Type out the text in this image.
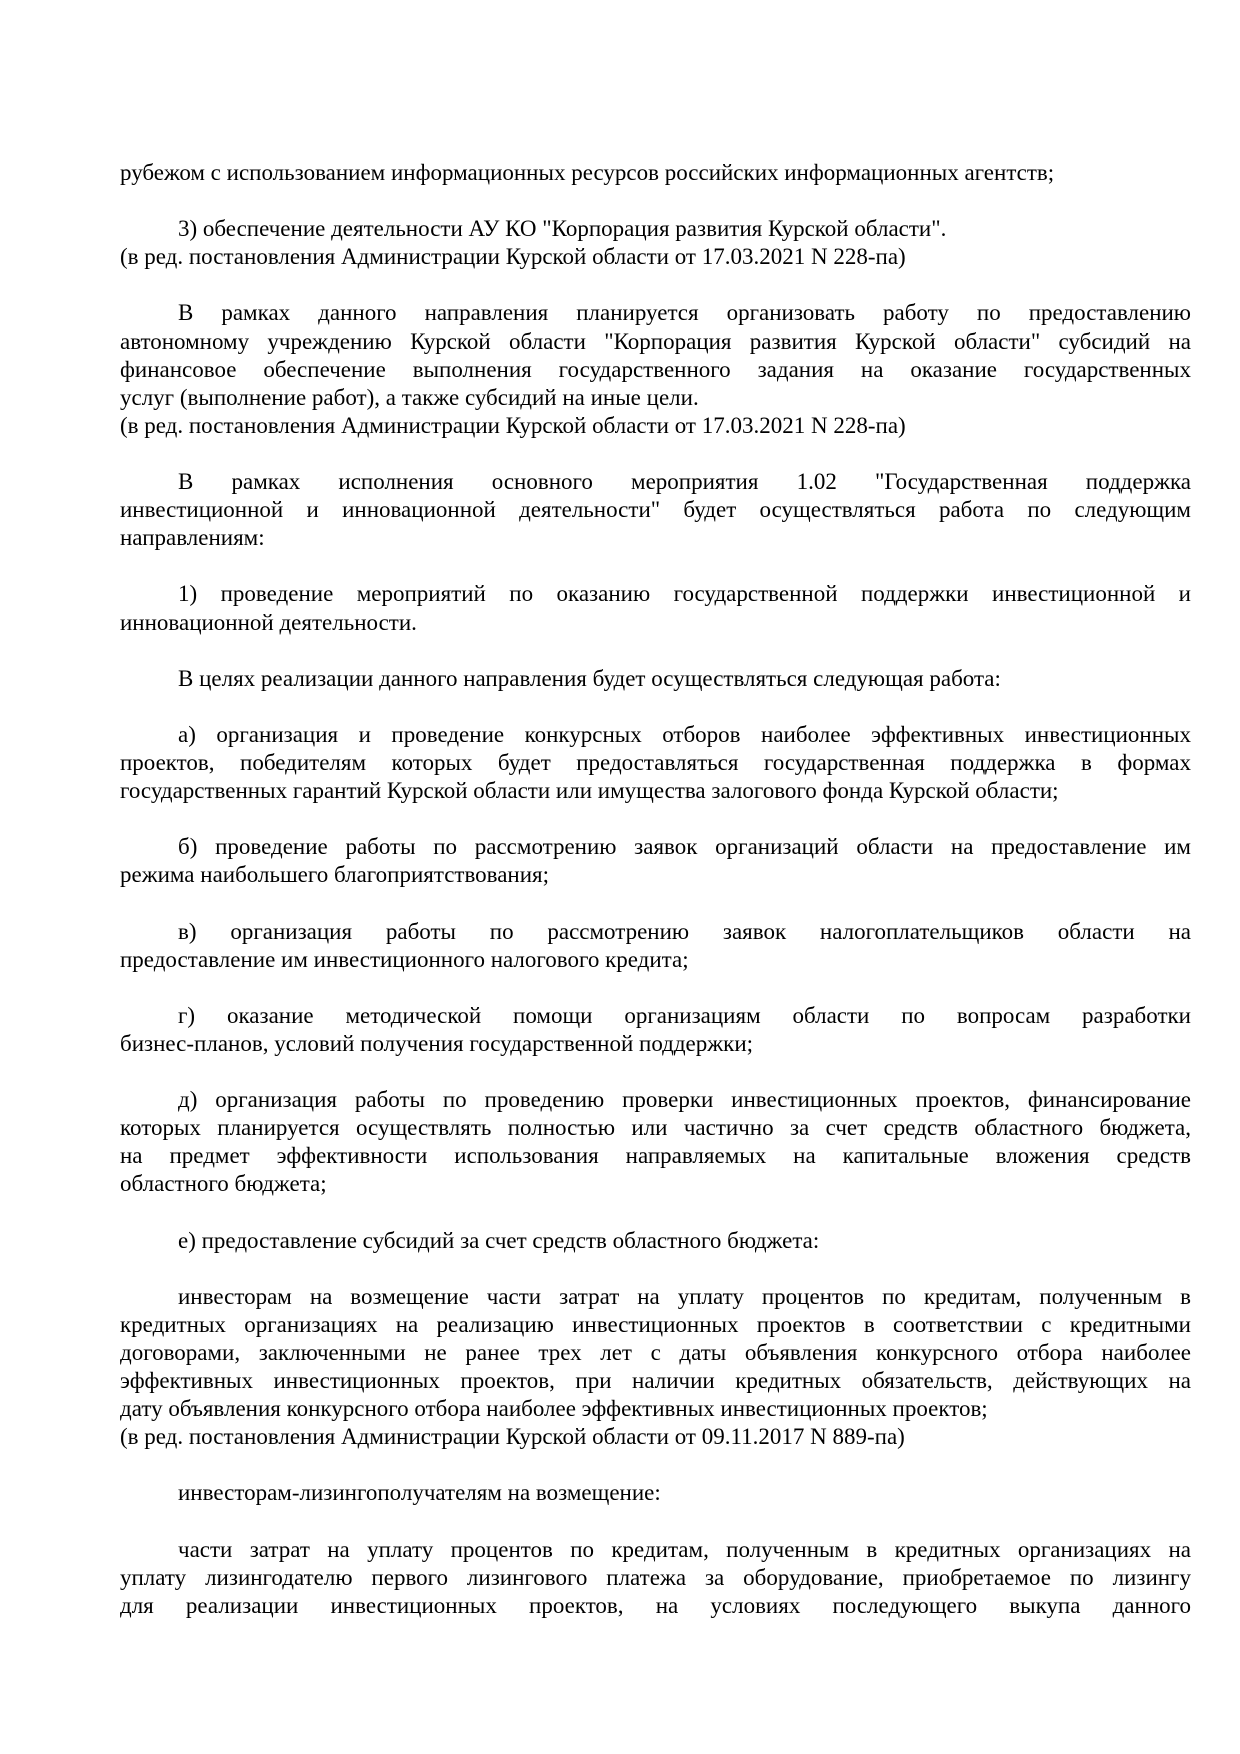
рубежом с использованием информационных ресурсов российских информационных агентств;
3) обеспечение деятельности АУ КО "Корпорация развития Курской области".
(в ред. постановления Администрации Курской области от 17.03.2021 N 228-па)
В рамках данного направления планируется организовать работу по предоставлению
автономному учреждению Курской области "Корпорация развития Курской области" субсидий на
финансовое обеспечение выполнения государственного задания на оказание государственных
услуг (выполнение работ), а также субсидий на иные цели.
(в ред. постановления Администрации Курской области от 17.03.2021 N 228-па)
В рамках исполнения основного мероприятия 1.02 "Государственная поддержка
инвестиционной и инновационной деятельности" будет осуществляться работа по следующим
направлениям:
1) проведение мероприятий по оказанию государственной поддержки инвестиционной и
инновационной деятельности.
В целях реализации данного направления будет осуществляться следующая работа:
а) организация и проведение конкурсных отборов наиболее эффективных инвестиционных
проектов, победителям которых будет предоставляться государственная поддержка в формах
государственных гарантий Курской области или имущества залогового фонда Курской области;
б) проведение работы по рассмотрению заявок организаций области на предоставление им
режима наибольшего благоприятствования;
в) организация работы по рассмотрению заявок налогоплательщиков области на
предоставление им инвестиционного налогового кредита;
г) оказание методической помощи организациям области по вопросам разработки
бизнес-планов, условий получения государственной поддержки;
д) организация работы по проведению проверки инвестиционных проектов, финансирование
которых планируется осуществлять полностью или частично за счет средств областного бюджета,
на предмет эффективности использования направляемых на капитальные вложения средств
областного бюджета;
е) предоставление субсидий за счет средств областного бюджета:
инвесторам на возмещение части затрат на уплату процентов по кредитам, полученным в
кредитных организациях на реализацию инвестиционных проектов в соответствии с кредитными
договорами, заключенными не ранее трех лет с даты объявления конкурсного отбора наиболее
эффективных инвестиционных проектов, при наличии кредитных обязательств, действующих на
дату объявления конкурсного отбора наиболее эффективных инвестиционных проектов;
(в ред. постановления Администрации Курской области от 09.11.2017 N 889-па)
инвесторам-лизингополучателям на возмещение:
части затрат на уплату процентов по кредитам, полученным в кредитных организациях на
уплату лизингодателю первого лизингового платежа за оборудование, приобретаемое по лизингу
для реализации инвестиционных проектов, на условиях последующего выкупа данного
